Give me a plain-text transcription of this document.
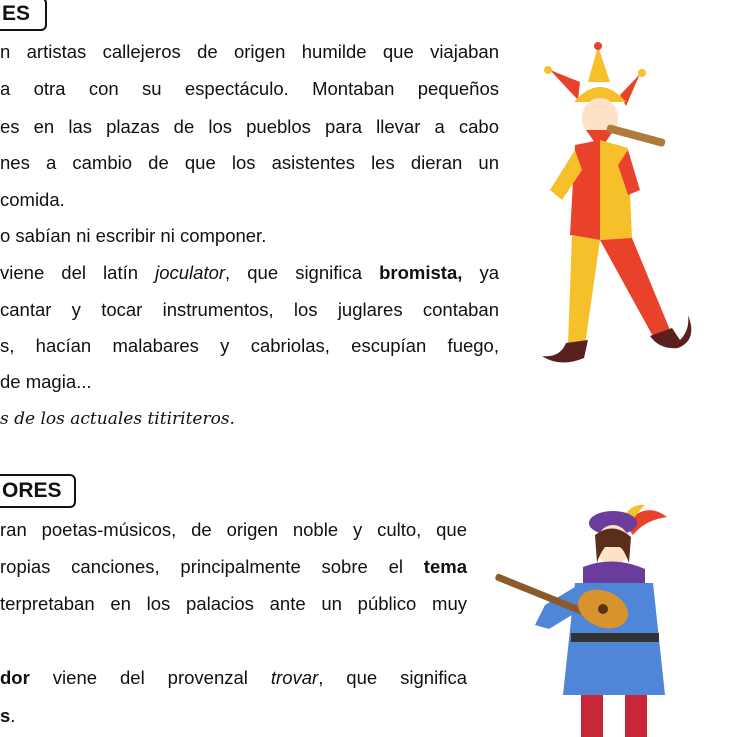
ES
n artistas callejeros de origen humilde que viajaban
a otra con su espectáculo. Montaban pequeños
es en las plazas de los pueblos para llevar a cabo
nes a cambio de que los asistentes les dieran un
comida.
o sabían ni escribir ni componer.
viene del latín joculator, que significa bromista, ya
cantar y tocar instrumentos, los juglares contaban
s, hacían malabares y cabriolas, escupían fuego,
de magia...
s de los actuales titiriteros.
ORES
ran poetas-músicos, de origen noble y culto, que
ropias canciones, principalmente sobre el tema
terpretaban en los palacios ante un público muy
dor viene del provenzal trovar, que significa
s.
